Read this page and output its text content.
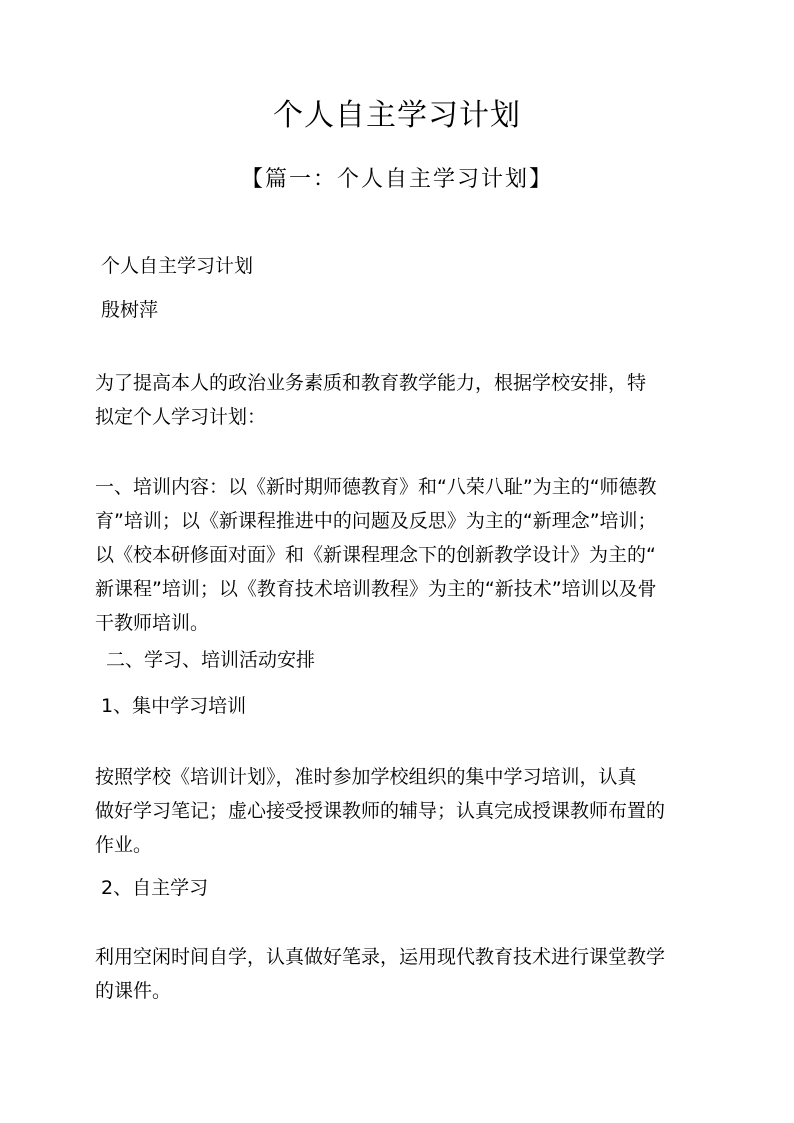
个人自主学习计划
【篇一：个人自主学习计划】
个人自主学习计划
殷树萍
为了提高本人的政治业务素质和教育教学能力，根据学校安排，特
拟定个人学习计划：
一、培训内容：以《新时期师德教育》和“八荣八耻”为主的“师德教
育”培训；以《新课程推进中的问题及反思》为主的“新理念”培训；
以《校本研修面对面》和《新课程理念下的创新教学设计》为主的“
新课程”培训；以《教育技术培训教程》为主的“新技术”培训以及骨
干教师培训。
二、学习、培训活动安排
1、集中学习培训
按照学校《培训计划》，准时参加学校组织的集中学习培训，认真
做好学习笔记；虚心接受授课教师的辅导；认真完成授课教师布置的
作业。
2、自主学习
利用空闲时间自学，认真做好笔录，运用现代教育技术进行课堂教学
的课件。
